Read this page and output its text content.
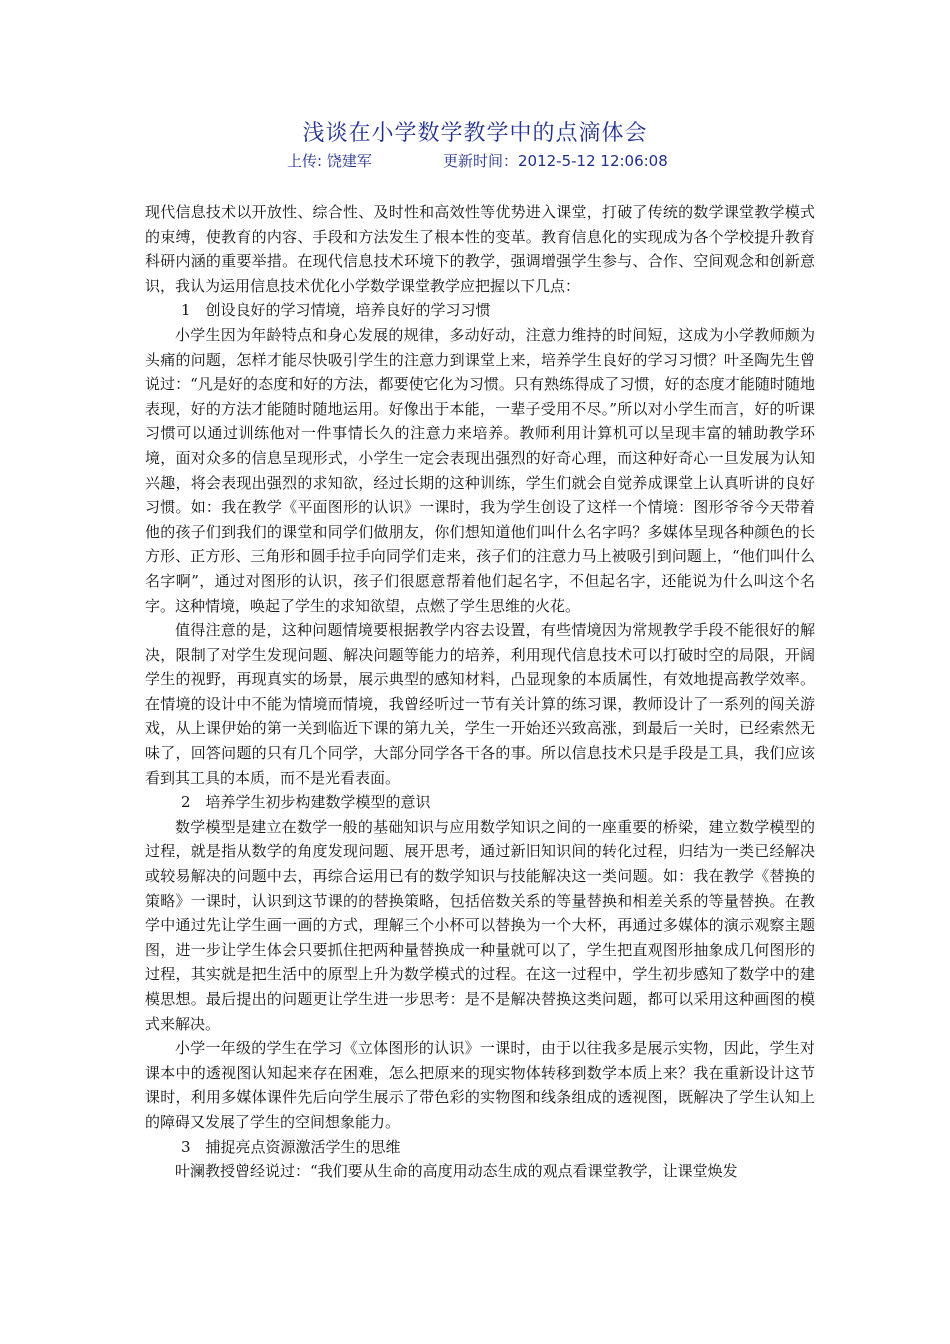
浅谈在小学数学教学中的点滴体会
上传: 饶建军	更新时间：2012-5-12 12:06:08

现代信息技术以开放性、综合性、及时性和高效性等优势进入课堂，打破了传统的数学课堂教学模式的束缚，使教育的内容、手段和方法发生了根本性的变革。教育信息化的实现成为各个学校提升教育科研内涵的重要举措。在现代信息技术环境下的教学，强调增强学生参与、合作、空间观念和创新意识，我认为运用信息技术优化小学数学课堂教学应把握以下几点：

1　创设良好的学习情境，培养良好的学习习惯

小学生因为年龄特点和身心发展的规律，多动好动，注意力维持的时间短，这成为小学教师颇为头痛的问题，怎样才能尽快吸引学生的注意力到课堂上来，培养学生良好的学习习惯？叶圣陶先生曾说过：“凡是好的态度和好的方法，都要使它化为习惯。只有熟练得成了习惯，好的态度才能随时随地表现，好的方法才能随时随地运用。好像出于本能，一辈子受用不尽。”所以对小学生而言，好的听课习惯可以通过训练他对一件事情长久的注意力来培养。教师利用计算机可以呈现丰富的辅助教学环境，面对众多的信息呈现形式，小学生一定会表现出强烈的好奇心理，而这种好奇心一旦发展为认知兴趣，将会表现出强烈的求知欲，经过长期的这种训练，学生们就会自觉养成课堂上认真听讲的良好习惯。如：我在教学《平面图形的认识》一课时，我为学生创设了这样一个情境：图形爷爷今天带着他的孩子们到我们的课堂和同学们做朋友，你们想知道他们叫什么名字吗？多媒体呈现各种颜色的长方形、正方形、三角形和圆手拉手向同学们走来，孩子们的注意力马上被吸引到问题上，“他们叫什么名字啊”，通过对图形的认识，孩子们很愿意帮着他们起名字，不但起名字，还能说为什么叫这个名字。这种情境，唤起了学生的求知欲望，点燃了学生思维的火花。

值得注意的是，这种问题情境要根据教学内容去设置，有些情境因为常规教学手段不能很好的解决，限制了对学生发现问题、解决问题等能力的培养，利用现代信息技术可以打破时空的局限，开阔学生的视野，再现真实的场景，展示典型的感知材料，凸显现象的本质属性，有效地提高教学效率。在情境的设计中不能为情境而情境，我曾经听过一节有关计算的练习课，教师设计了一系列的闯关游戏，从上课伊始的第一关到临近下课的第九关，学生一开始还兴致高涨，到最后一关时，已经索然无味了，回答问题的只有几个同学，大部分同学各干各的事。所以信息技术只是手段是工具，我们应该看到其工具的本质，而不是光看表面。

2　培养学生初步构建数学模型的意识

数学模型是建立在数学一般的基础知识与应用数学知识之间的一座重要的桥梁，建立数学模型的过程，就是指从数学的角度发现问题、展开思考，通过新旧知识间的转化过程，归结为一类已经解决或较易解决的问题中去，再综合运用已有的数学知识与技能解决这一类问题。如：我在教学《替换的策略》一课时，认识到这节课的的替换策略，包括倍数关系的等量替换和相差关系的等量替换。在教学中通过先让学生画一画的方式，理解三个小杯可以替换为一个大杯，再通过多媒体的演示观察主题图，进一步让学生体会只要抓住把两种量替换成一种量就可以了，学生把直观图形抽象成几何图形的过程，其实就是把生活中的原型上升为数学模式的过程。在这一过程中，学生初步感知了数学中的建模思想。最后提出的问题更让学生进一步思考：是不是解决替换这类问题，都可以采用这种画图的模式来解决。

小学一年级的学生在学习《立体图形的认识》一课时，由于以往我多是展示实物，因此，学生对课本中的透视图认知起来存在困难，怎么把原来的现实物体转移到数学本质上来？我在重新设计这节课时，利用多媒体课件先后向学生展示了带色彩的实物图和线条组成的透视图，既解决了学生认知上的障碍又发展了学生的空间想象能力。

3　捕捉亮点资源激活学生的思维

叶澜教授曾经说过：“我们要从生命的高度用动态生成的观点看课堂教学，让课堂焕发
